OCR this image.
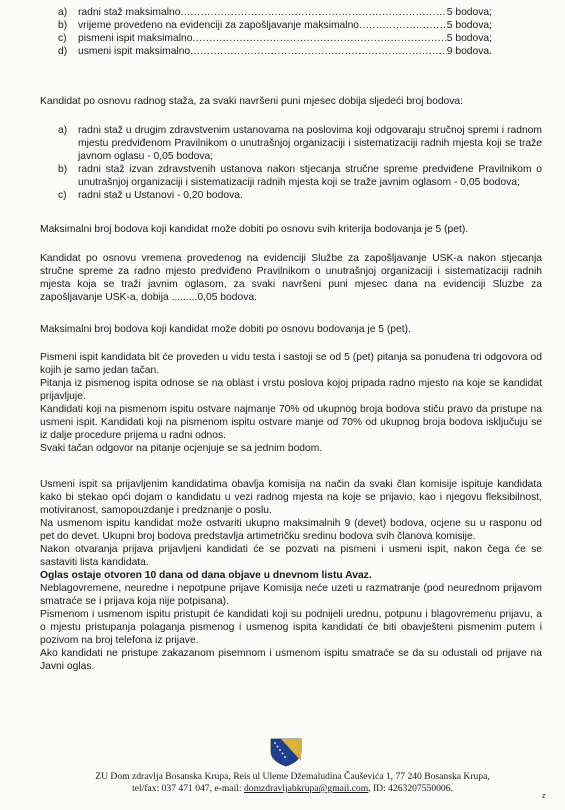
a) radni staž maksimalno .....	5 bodova;
b) vrijeme provedeno na evidenciji za zapošljavanje maksimalno .....	5 bodova;
c) pismeni ispit maksimalno .....	5 bodova;
d) usmeni ispit maksimalno .....	9 bodova.

Kandidat po osnovu radnog staža, za svaki navršeni puni mjesec dobija sljedeći broj bodova:

a) radni staž u drugim zdravstvenim ustanovama na poslovima koji odgovaraju stručnoj spremi i radnom mjestu predviđenom Pravilnikom o unutrašnjoj organizaciji i sistematizaciji radnih mjesta koji se traže javnom oglasu - 0,05 bodova;
b) radni staž izvan zdravstvenih ustanova nakon stjecanja stručne spreme predviđene Pravilnikom o unutrašnjoj organizaciji i sistematizaciji radnih mjesta koji se traže javnim oglasom - 0,05 bodova;
c) radni staž u Ustanovi - 0,20 bodova.

Maksimalni broj bodova koji kandidat može dobiti po osnovu svih kriterija bodovanja je 5 (pet).

Kandidat po osnovu vremena provedenog na evidenciji Službe za zapošljavanje USK-a nakon stjecanja stručne spreme za radno mjesto predviđeno Pravilnikom o unutrašnjoj organizaciji i sistematizaciji radnih mjesta koja se traži javnim oglasom, za svaki navršeni puni mjesec dana na evidenciji Sluzbe za zapošljavanje USK-a, dobija .........0,05 bodova.

Maksimalni broj bodova koji kandidat može dobiti po osnovu bodovanja je 5 (pet).

Pismeni ispit kandidata bit će proveden u vidu testa i sastoji se od 5 (pet) pitanja sa ponuđena tri odgovora od kojih je samo jedan tačan.

Pitanja iz pismenog ispita odnose se na oblast i vrstu poslova kojoj pripada radno mjesto na koje se kandidat prijavljuje.

Kandidati koji na pismenom ispitu ostvare najmanje 70% od ukupnog broja bodova stiču pravo da pristupe na usmeni ispit. Kandidati koji na pismenom ispitu ostvare manje od 70% od ukupnog broja bodova isključuju se iz dalje procedure prijema u radni odnos.

Svaki tačan odgovor na pitanje ocjenjuje se sa jednim bodom.

Usmeni ispit sa prijavljenim kandidatima obavlja komisija na način da svaki član komisije ispituje kandidata kako bi stekao opći dojam o kandidatu u vezi radnog mjesta na koje se prijavio, kao i njegovu fleksibilnost, motiviranost, samopouzdanje i predznanje o poslu.

Na usmenom ispitu kandidat može ostvariti ukupno maksimalnih 9 (devet) bodova, ocjene su u rasponu od pet do devet. Ukupni broj bodova predstavlja artimetričku sredinu bodova svih članova komisije.

Nakon otvaranja prijava prijavljeni kandidati će se pozvati na pismeni i usmeni ispit, nakon čega će se sastaviti lista kandidata.

Oglas ostaje otvoren 10 dana od dana objave u dnevnom listu Avaz.

Neblagovremene, neuredne i nepotpune prijave Komisija neće uzeti u razmatranje (pod neurednom prijavom smatraće se i prijava koja nije potpisana).

Pismenom i usmenom ispitu pristupit će kandidati koji su podnijeli urednu, potpunu i blagovremenu prijavu, a o mjestu pristupanja polaganja pismenog i usmenog ispita kandidati će biti obavješteni pismenim putem i pozivom na broj telefona iz prijave.

Ako kandidati ne pristupe zakazanom pisemnom i usmenom ispitu smatraće se da su odustali od prijave na Javni oglas.

ZU Dom zdravlja Bosanska Krupa, Reis ul Uleme Džemaludina Čauševića 1, 77 240 Bosanska Krupa,
tel/fax: 037 471 047, e-mail: domzdravljabkrupa@gmail.com, ID: 4263207550006.
z
